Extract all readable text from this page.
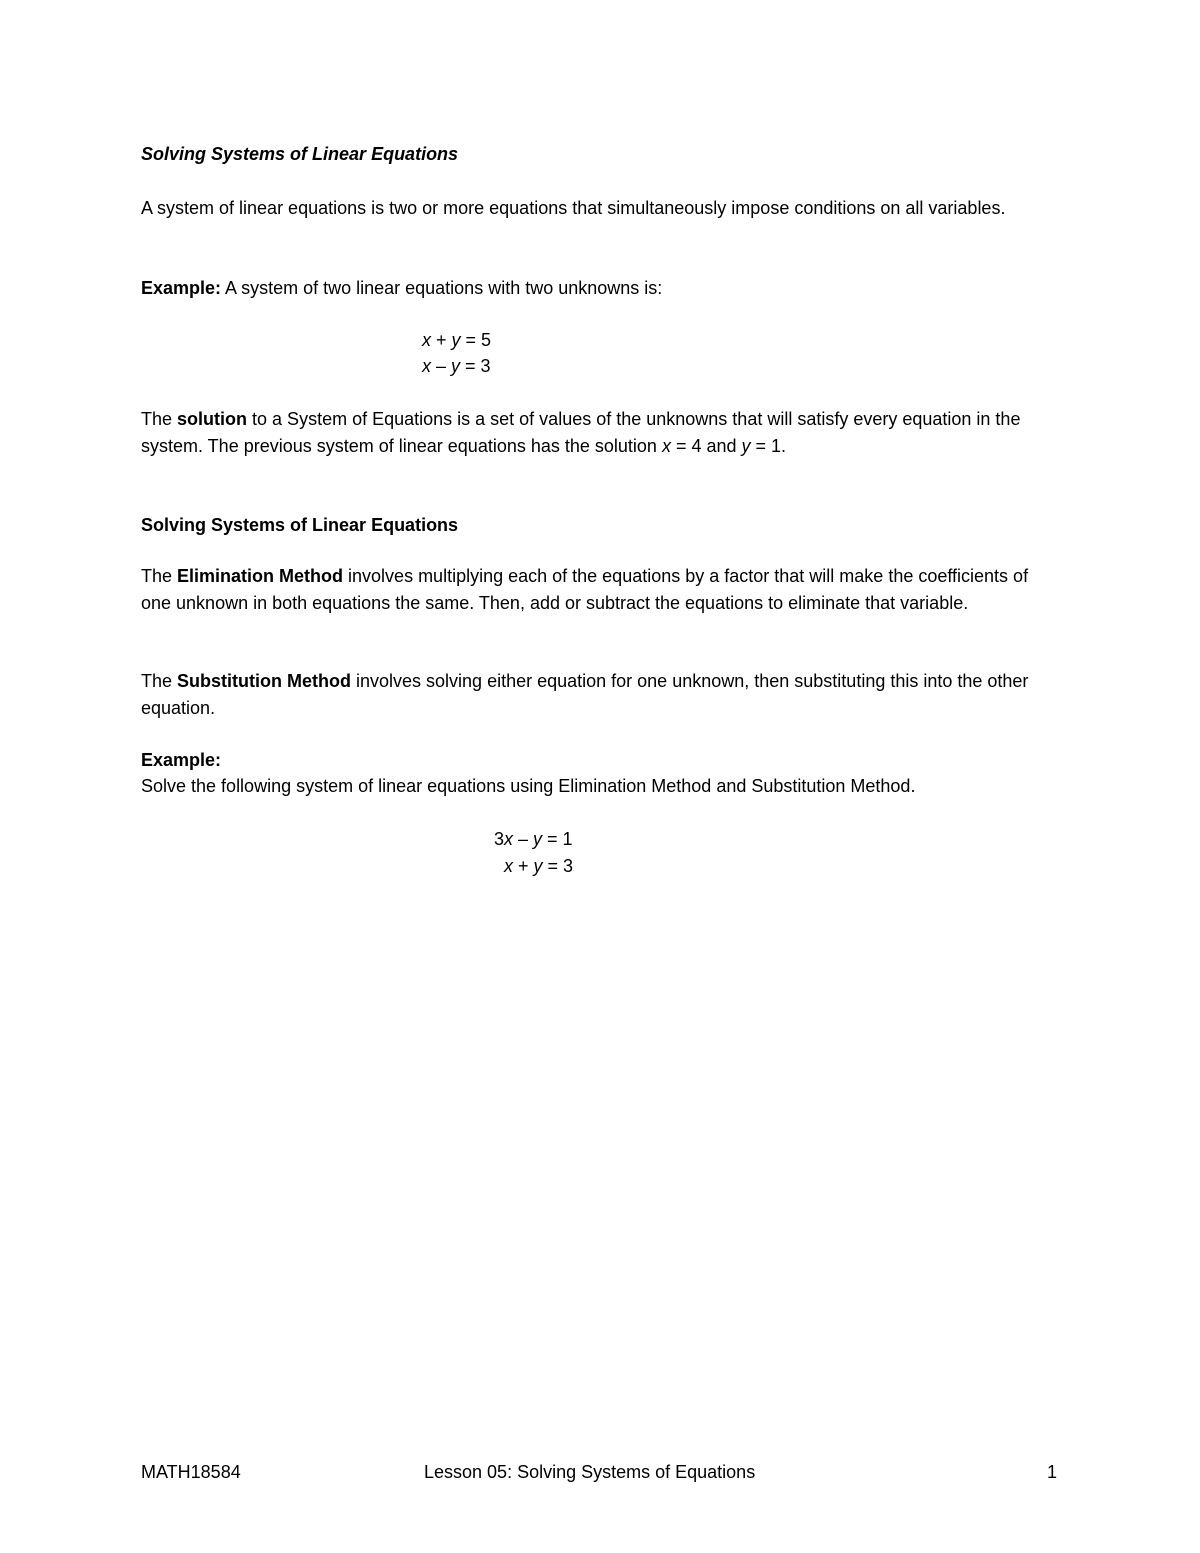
Solving Systems of Linear Equations

A system of linear equations is two or more equations that simultaneously impose conditions on all variables.

Example: A system of two linear equations with two unknowns is:

x + y = 5
x – y = 3

The solution to a System of Equations is a set of values of the unknowns that will satisfy every equation in the system. The previous system of linear equations has the solution x = 4 and y = 1.

Solving Systems of Linear Equations

The Elimination Method involves multiplying each of the equations by a factor that will make the coefficients of one unknown in both equations the same. Then, add or subtract the equations to eliminate that variable.

The Substitution Method involves solving either equation for one unknown, then substituting this into the other equation.

Example:

Solve the following system of linear equations using Elimination Method and Substitution Method.

3x – y = 1
x + y = 3
MATH18584	Lesson 05: Solving Systems of Equations	1
